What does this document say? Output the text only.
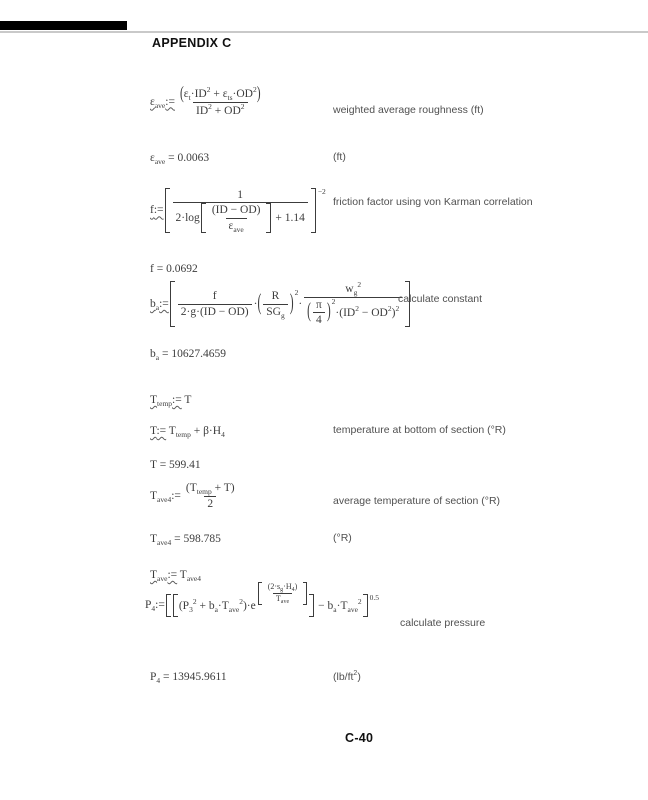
APPENDIX C
$\varepsilon_{ave}:= \frac{( \varepsilon_t\cdot ID^2 + \varepsilon_{ts}\cdot OD^2 )}{ID^2 + OD^2}$	weighted average roughness (ft)
$\varepsilon_{ave} = 0.0063$	(ft)
f:=
1
$2\cdot\log \frac{(ID - OD)}{\varepsilon_{ave}} + 1.14$
−2
friction factor using von Karman correlation
f = 0.0692
$b_a:= \frac{f}{2\cdot g\cdot(ID - OD)}$ · ( $\frac{R}{SG_g}$ ) 2
·
$w_g^2$
( $\frac{\pi}{4}$ )
2
$\cdot(ID^2 - OD^2)^2$
calculate constant
$b_a = 10627.4659$
$T_{temp}:= T$
T:= $T_{temp} + \beta\cdot H_4$	temperature at bottom of section (°R)
T = 599.41
$T_{ave4}:= \frac{(T_{temp} + T)}{2}$	average temperature of section (°R)
$T_{ave4} = 598.785$	(°R)
$T_{ave}:= T_{ave4}$
$P_4:= (P_3^2 + b_a\cdot T_{ave}^2)\cdot e$
$\frac{(2\cdot s_g\cdot H_4)}{T_{ave}}$
− $b_a\cdot T_{ave}^2$ 0.5
calculate pressure
$P_4 = 13945.9611$	$(lb/ft^2)$
C-40
